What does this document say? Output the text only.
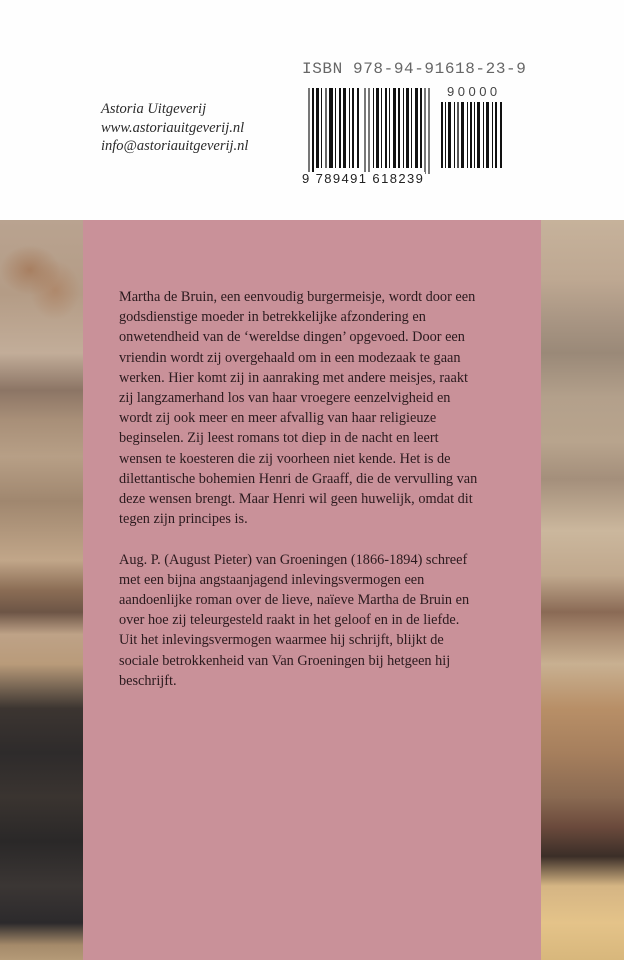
Astoria Uitgeverij
www.astoriauitgeverij.nl
info@astoriauitgeverij.nl
ISBN 978-94-91618-23-9
9 789491 618239
90000

Martha de Bruin, een eenvoudig burgermeisje, wordt door een
godsdienstige moeder in betrekkelijke afzondering en
onwetendheid van de ‘wereldse dingen’ opgevoed. Door een
vriendin wordt zij overgehaald om in een modezaak te gaan
werken. Hier komt zij in aanraking met andere meisjes, raakt
zij langzamerhand los van haar vroegere eenzelvigheid en
wordt zij ook meer en meer afvallig van haar religieuze
beginselen. Zij leest romans tot diep in de nacht en leert
wensen te koesteren die zij voorheen niet kende. Het is de
dilettantische bohemien Henri de Graaff, die de vervulling van
deze wensen brengt. Maar Henri wil geen huwelijk, omdat dit
tegen zijn principes is.

Aug. P. (August Pieter) van Groeningen (1866-1894) schreef
met een bijna angstaanjagend inlevingsvermogen een
aandoenlijke roman over de lieve, naïeve Martha de Bruin en
over hoe zij teleurgesteld raakt in het geloof en in de liefde.
Uit het inlevingsvermogen waarmee hij schrijft, blijkt de
sociale betrokkenheid van Van Groeningen bij hetgeen hij
beschrijft.
